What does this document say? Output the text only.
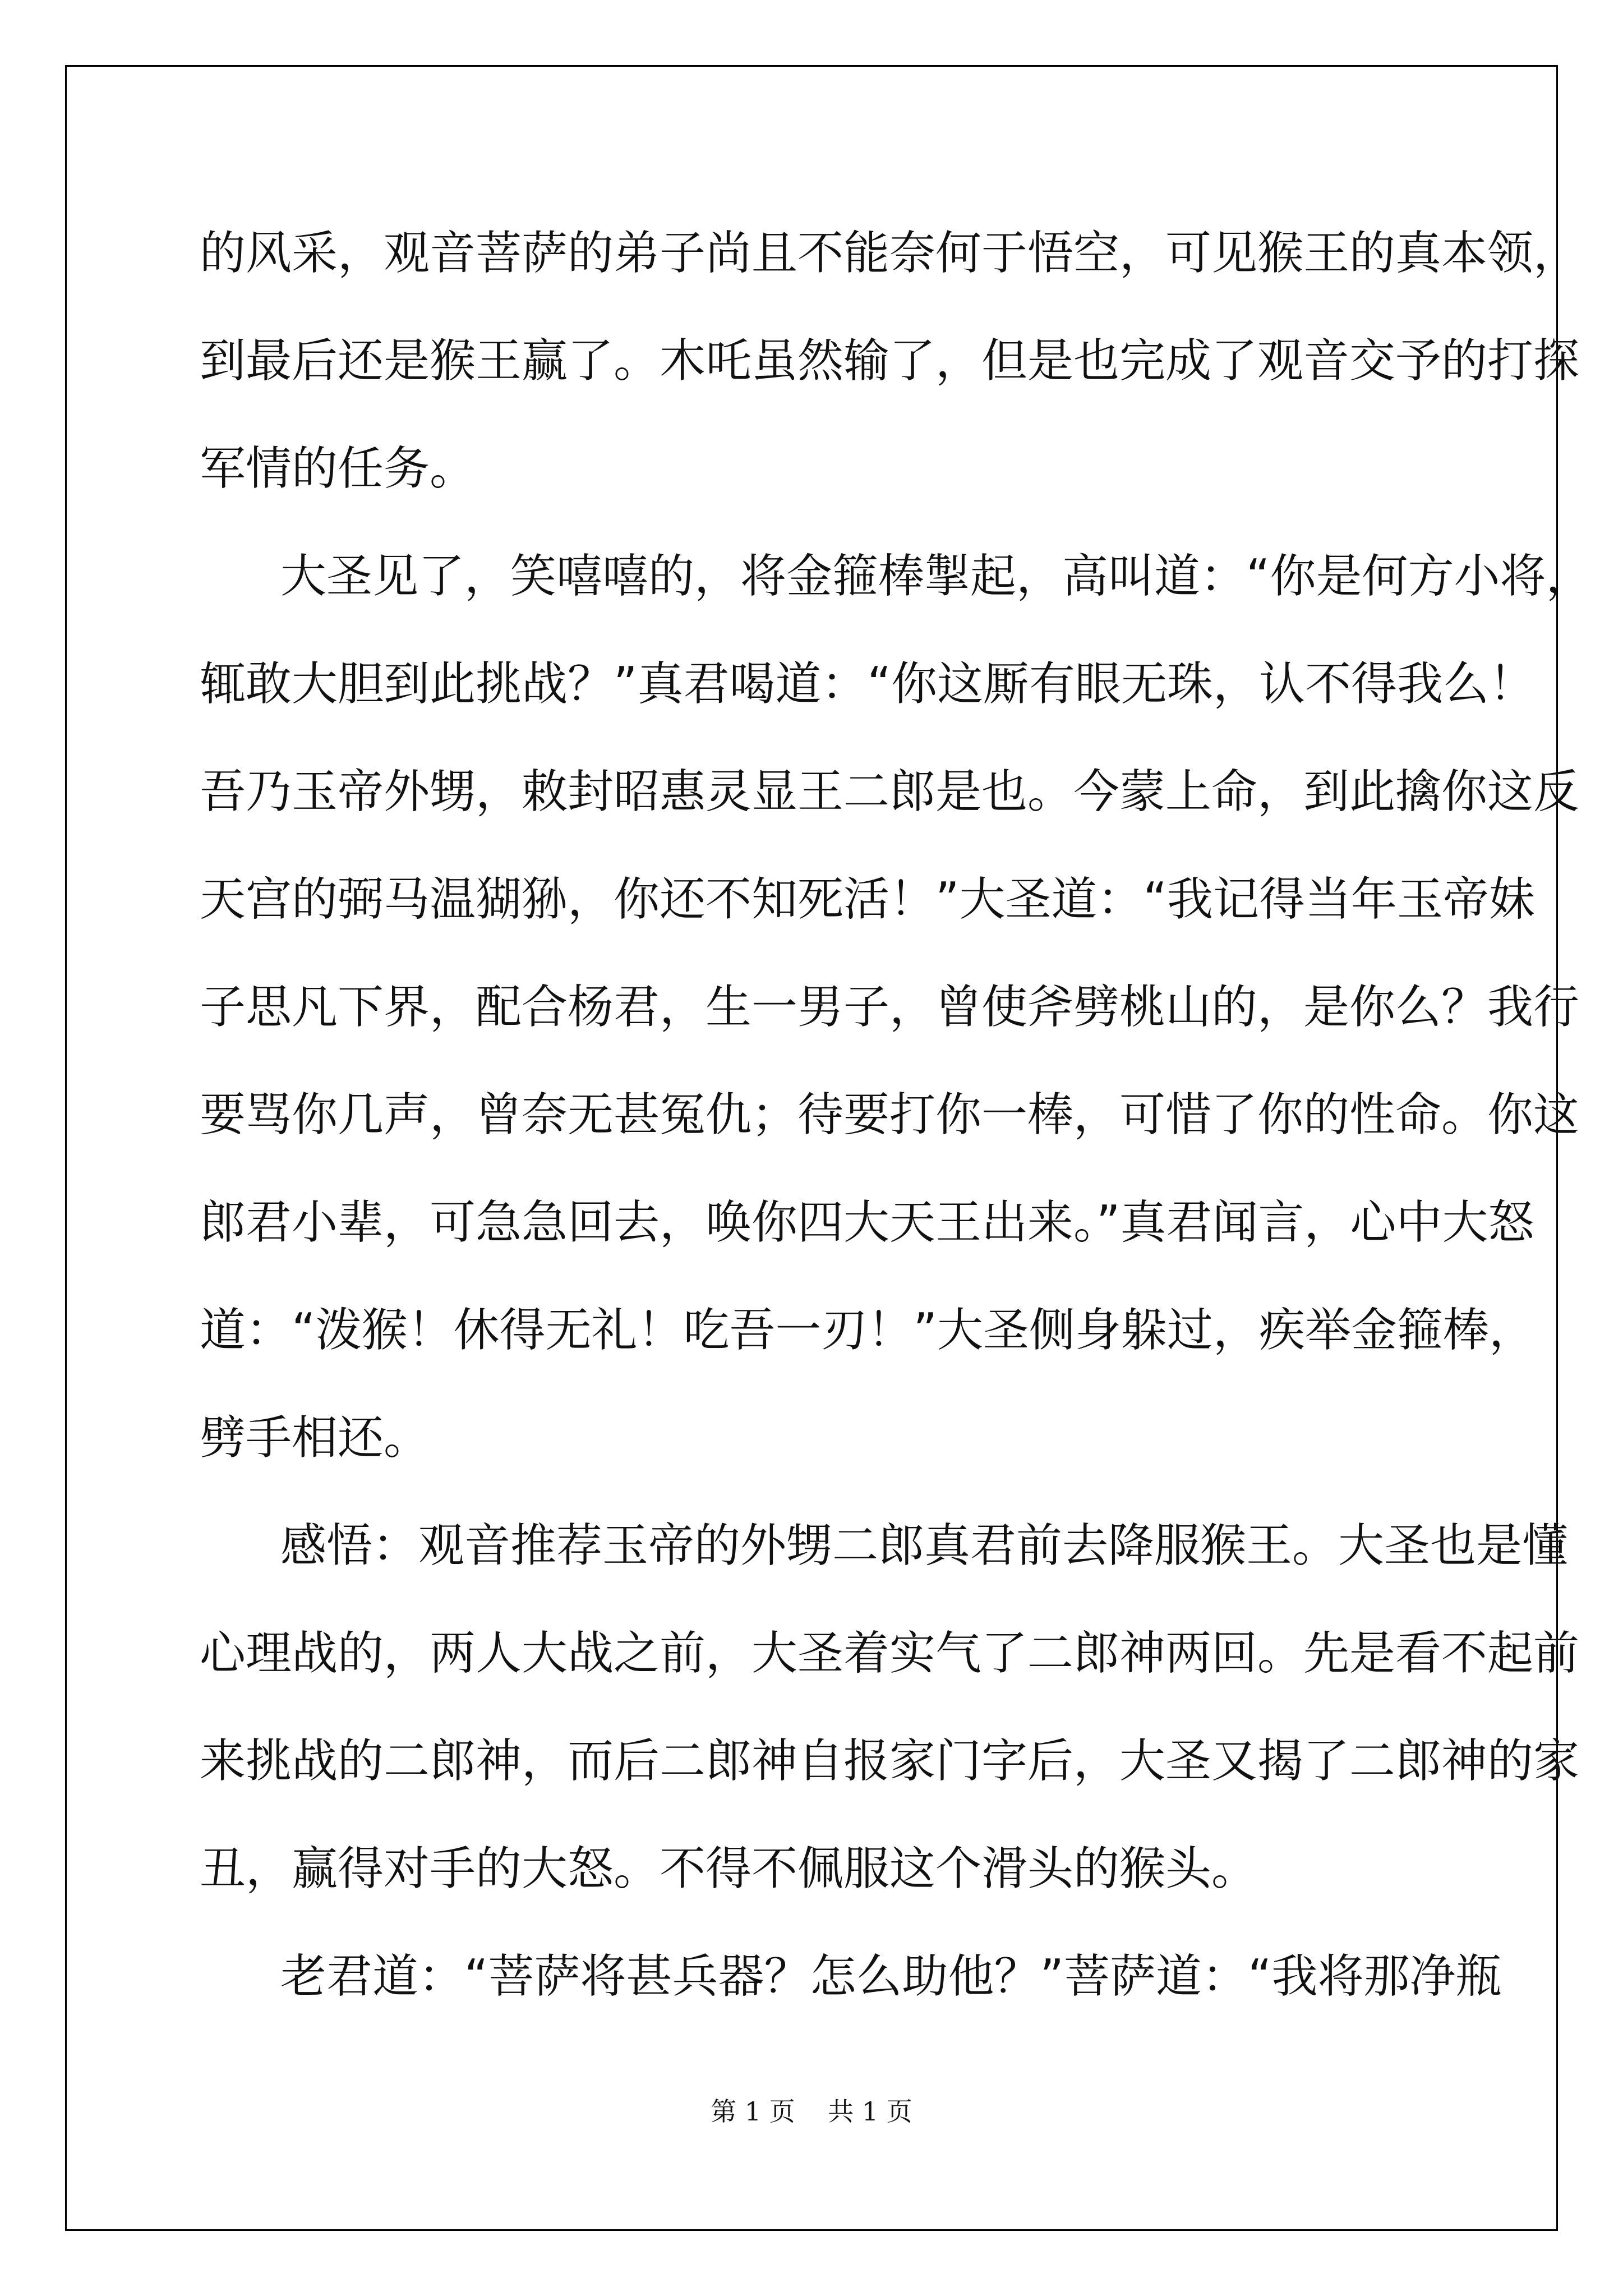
的风采，观音菩萨的弟子尚且不能奈何于悟空，可见猴王的真本领，

到最后还是猴王赢了。木吒虽然输了，但是也完成了观音交予的打探

军情的任务。

大圣见了，笑嘻嘻的，将金箍棒掣起，高叫道：“你是何方小将，

辄敢大胆到此挑战？”真君喝道：“你这厮有眼无珠，认不得我么！

吾乃玉帝外甥，敕封昭惠灵显王二郎是也。今蒙上命，到此擒你这反

天宫的弼马温猢狲，你还不知死活！”大圣道：“我记得当年玉帝妹

子思凡下界，配合杨君，生一男子，曾使斧劈桃山的，是你么？我行

要骂你几声，曾奈无甚冤仇；待要打你一棒，可惜了你的性命。你这

郎君小辈，可急急回去，唤你四大天王出来。”真君闻言，心中大怒

道：“泼猴！休得无礼！吃吾一刃！”大圣侧身躲过，疾举金箍棒，

劈手相还。

感悟：观音推荐玉帝的外甥二郎真君前去降服猴王。大圣也是懂

心理战的，两人大战之前，大圣着实气了二郎神两回。先是看不起前

来挑战的二郎神，而后二郎神自报家门字后，大圣又揭了二郎神的家

丑，赢得对手的大怒。不得不佩服这个滑头的猴头。

老君道：“菩萨将甚兵器？怎么助他？”菩萨道：“我将那净瓶

第 1 页    共 1 页
